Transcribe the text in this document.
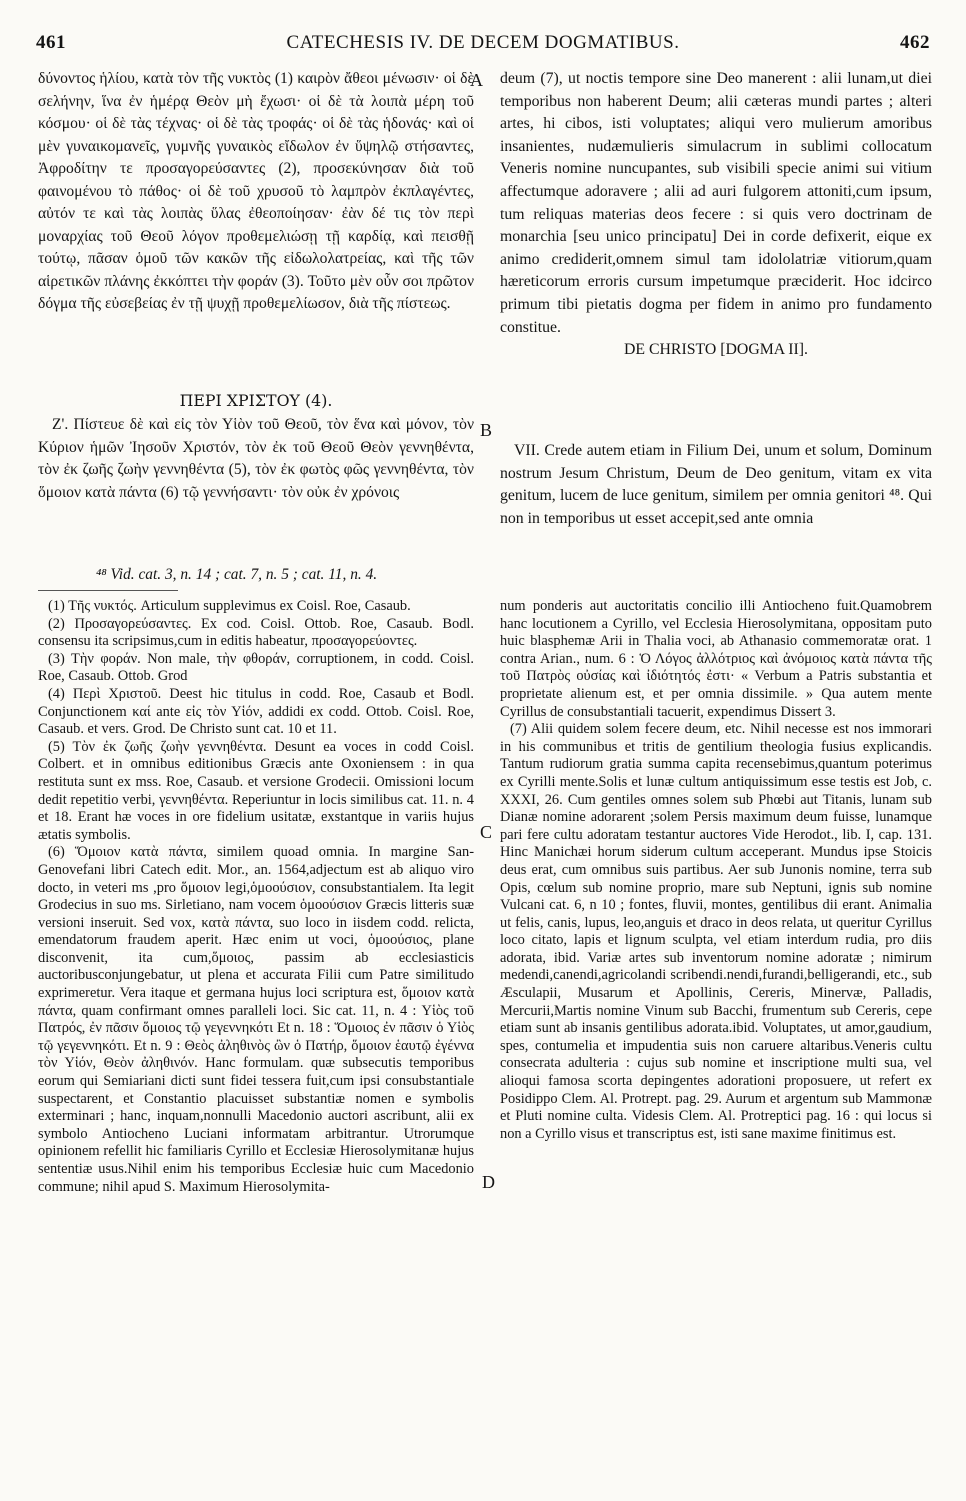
461	CATECHESIS IV. DE DECEM DOGMATIBUS.	462

δύνοντος ἡλίου, κατὰ τὸν τῆς νυκτὸς (1) καιρὸν ἄθεοι μένωσιν· οἱ δὲ σελήνην, ἵνα ἐν ἡμέρᾳ Θεὸν μὴ ἔχωσι· οἱ δὲ τὰ λοιπὰ μέρη τοῦ κόσμου· οἱ δὲ τὰς τέχνας· οἱ δὲ τὰς τροφάς· οἱ δὲ τὰς ἡδονάς· καὶ οἱ μὲν γυναικομανεῖς, γυμνῆς γυναικὸς εἴδωλον ἐν ὕψηλῷ στήσαντες, Ἀφροδίτην τε προσαγορεύσαντες (2), προσεκύνησαν διὰ τοῦ φαινομένου τὸ πάθος· οἱ δὲ τοῦ χρυσοῦ τὸ λαμπρὸν ἐκπλαγέντες, αὐτόν τε καὶ τὰς λοιπὰς ὕλας ἐθεοποίησαν· ἐὰν δέ τις τὸν περὶ μοναρχίας τοῦ Θεοῦ λόγον προθεμελιώσῃ τῇ καρδίᾳ, καὶ πεισθῇ τούτῳ, πᾶσαν ὁμοῦ τῶν κακῶν τῆς εἰδωλολατρείας, καὶ τῆς τῶν αἱρετικῶν πλάνης ἐκκόπτει τὴν φοράν (3). Τοῦτο μὲν οὖν σοι πρῶτον δόγμα τῆς εὐσεβείας ἐν τῇ ψυχῇ προθεμελίωσον, διὰ τῆς πίστεως.

deum (7), ut noctis tempore sine Deo manerent : alii lunam,ut diei temporibus non haberent Deum; alii cæteras mundi partes ; alteri artes, hi cibos, isti voluptates; aliqui vero mulierum amoribus insanientes, nudæmulieris simulacrum in sublimi collocatum Veneris nomine nuncupantes, sub visibili specie animi sui vitium affectumque adoravere ; alii ad auri fulgorem attoniti,cum ipsum, tum reliquas materias deos fecere : si quis vero doctrinam de monarchia [seu unico principatu] Dei in corde defixerit, eique ex animo crediderit,omnem simul tam idololatriæ vitiorum,quam hæreticorum erroris cursum impetumque præciderit. Hoc idcirco primum tibi pietatis dogma per fidem in animo pro fundamento constitue.

DE CHRISTO [DOGMA II].
ΠΕΡΙ ΧΡΙΣΤΟΥ (4).

Ζ'. Πίστευε δὲ καὶ εἰς τὸν Υἱὸν τοῦ Θεοῦ, τὸν ἕνα καὶ μόνον, τὸν Κύριον ἡμῶν Ἰησοῦν Χριστόν, τὸν ἐκ τοῦ Θεοῦ Θεὸν γεννηθέντα, τὸν ἐκ ζωῆς ζωὴν γεννηθέντα (5), τὸν ἐκ φωτὸς φῶς γεννηθέντα, τὸν ὅμοιον κατὰ πάντα (6) τῷ γεννήσαντι· τὸν οὐκ ἐν χρόνοις

VII. Crede autem etiam in Filium Dei, unum et solum, Dominum nostrum Jesum Christum, Deum de Deo genitum, vitam ex vita genitum, lucem de luce genitum, similem per omnia genitori ⁴⁸. Qui non in temporibus ut esset accepit,sed ante omnia

A
B
C
D
⁴⁸ Vid. cat. 3, n. 14 ; cat. 7, n. 5 ; cat. 11, n. 4.

(1) Τῆς νυκτός. Articulum supplevimus ex Coisl. Roe, Casaub.

(2) Προσαγορεύσαντες. Ex cod. Coisl. Ottob. Roe, Casaub. Bodl. consensu ita scripsimus,cum in editis habeatur, προσαγορεύοντες.

(3) Τὴν φοράν. Non male, τὴν φθοράν, corruptionem, in codd. Coisl. Roe, Casaub. Ottob. Grod

(4) Περὶ Χριστοῦ. Deest hic titulus in codd. Roe, Casaub et Bodl. Conjunctionem καί ante εἰς τὸν Υἱόν, addidi ex codd. Ottob. Coisl. Roe, Casaub. et vers. Grod. De Christo sunt cat. 10 et 11.

(5) Τὸν ἐκ ζωῆς ζωὴν γεννηθέντα. Desunt ea voces in codd Coisl. Colbert. et in omnibus editionibus Græcis ante Oxoniensem : in qua restituta sunt ex mss. Roe, Casaub. et versione Grodecii. Omissioni locum dedit repetitio verbi, γεννηθέντα. Reperiuntur in locis similibus cat. 11. n. 4 et 18. Erant hæ voces in ore fidelium usitatæ, exstantque in variis hujus ætatis symbolis.

(6) Ὅμοιον κατὰ πάντα, similem quoad omnia. In margine San-Genovefani libri Catech edit. Mor., an. 1564,adjectum est ab aliquo viro docto, in veteri ms ,pro ὅμοιον legi,ὁμοούσιον, consubstantialem. Ita legit Grodecius in suo ms. Sirletiano, nam vocem ὁμοούσιον Græcis litteris suæ versioni inseruit. Sed vox, κατὰ πάντα, suo loco in iisdem codd. relicta, emendatorum fraudem aperit. Hæc enim ut voci, ὁμοούσιος, plane disconvenit, ita cum,ὅμοιος, passim ab ecclesiasticis auctoribusconjungebatur, ut plena et accurata Filii cum Patre similitudo exprimeretur. Vera itaque et germana hujus loci scriptura est, ὅμοιον κατὰ πάντα, quam confirmant omnes paralleli loci. Sic cat. 11, n. 4 : Υἱὸς τοῦ Πατρός, ἐν πᾶσιν ὅμοιος τῷ γεγεννηκότι Et n. 18 : Ὅμοιος ἐν πᾶσιν ὁ Υἱὸς τῷ γεγεννηκότι. Et n. 9 : Θεὸς ἀληθινὸς ὢν ὁ Πατήρ, ὅμοιον ἑαυτῷ ἐγέννα τὸν Υἱόν, Θεὸν ἀληθινόν. Hanc formulam. quæ subsecutis temporibus eorum qui Semiariani dicti sunt fidei tessera fuit,cum ipsi consubstantiale suspectarent, et Constantio placuisset substantiæ nomen e symbolis exterminari ; hanc, inquam,nonnulli Macedonio auctori ascribunt, alii ex symbolo Antiocheno Luciani informatam arbitrantur. Utrorumque opinionem refellit hic familiaris Cyrillo et Ecclesiæ Hierosolymitanæ hujus sententiæ usus.Nihil enim his temporibus Ecclesiæ huic cum Macedonio commune; nihil apud S. Maximum Hierosolymita-

num ponderis aut auctoritatis concilio illi Antiocheno fuit.Quamobrem hanc locutionem a Cyrillo, vel Ecclesia Hierosolymitana, oppositam puto huic blasphemæ Arii in Thalia voci, ab Athanasio commemoratæ orat. 1 contra Arian., num. 6 : Ὁ Λόγος ἀλλότριος καὶ ἀνόμοιος κατὰ πάντα τῆς τοῦ Πατρὸς οὐσίας καὶ ἰδιότητός ἐστι· « Verbum a Patris substantia et proprietate alienum est, et per omnia dissimile. » Qua autem mente Cyrillus de consubstantiali tacuerit, expendimus Dissert 3.

(7) Alii quidem solem fecere deum, etc. Nihil necesse est nos immorari in his communibus et tritis de gentilium theologia fusius explicandis. Tantum rudiorum gratia summa capita recensebimus,quantum poterimus ex Cyrilli mente.Solis et lunæ cultum antiquissimum esse testis est Job, c. XXXI, 26. Cum gentiles omnes solem sub Phœbi aut Titanis, lunam sub Dianæ nomine adorarent ;solem Persis maximum deum fuisse, lunamque pari fere cultu adoratam testantur auctores Vide Herodot., lib. I, cap. 131. Hinc Manichæi horum siderum cultum acceperant. Mundus ipse Stoicis deus erat, cum omnibus suis partibus. Aer sub Junonis nomine, terra sub Opis, cœlum sub nomine proprio, mare sub Neptuni, ignis sub nomine Vulcani cat. 6, n 10 ; fontes, fluvii, montes, gentilibus dii erant. Animalia ut felis, canis, lupus, leo,anguis et draco in deos relata, ut queritur Cyrillus loco citato, lapis et lignum sculpta, vel etiam interdum rudia, pro diis adorata, ibid. Variæ artes sub inventorum nomine adoratæ ; nimirum medendi,canendi,agricolandi scribendi.nendi,furandi,belligerandi, etc., sub Æsculapii, Musarum et Apollinis, Cereris, Minervæ, Palladis, Mercurii,Martis nomine Vinum sub Bacchi, frumentum sub Cereris, cepe etiam sunt ab insanis gentilibus adorata.ibid. Voluptates, ut amor,gaudium, spes, contumelia et impudentia suis non caruere altaribus.Veneris cultu consecrata adulteria : cujus sub nomine et inscriptione multi sua, vel alioqui famosa scorta depingentes adorationi proposuere, ut refert ex Posidippo Clem. Al. Protrept. pag. 29. Aurum et argentum sub Mammonæ et Pluti nomine culta. Videsis Clem. Al. Protreptici pag. 16 : qui locus si non a Cyrillo visus et transcriptus est, isti sane maxime finitimus est.
